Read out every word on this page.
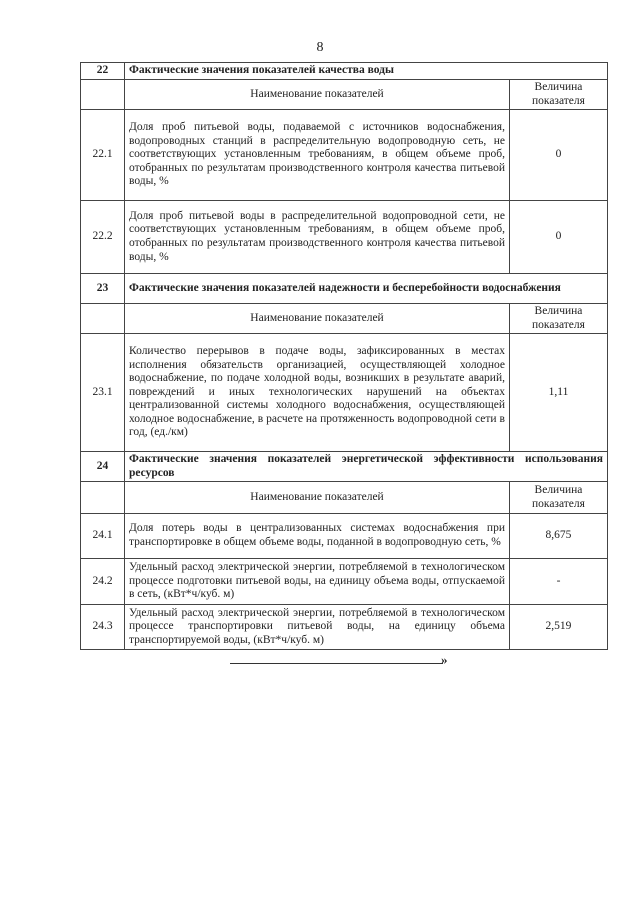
8
22	Фактические значения показателей качества воды	
	Наименование показателей	Величина показателя
22.1	Доля проб питьевой воды, подаваемой с источников водоснабжения, водопроводных станций в распределительную водопроводную сеть, не соответствующих установленным требованиям, в общем объеме проб, отобранных по результатам производственного контроля качества питьевой воды, %	0
22.2	Доля проб питьевой воды в распределительной водопроводной сети, не соответствующих установленным требованиям, в общем объеме проб, отобранных по результатам производственного контроля качества питьевой воды, %	0
23	Фактические значения показателей надежности и бесперебойности водоснабжения	
	Наименование показателей	Величина показателя
23.1	Количество перерывов в подаче воды, зафиксированных в местах исполнения обязательств организацией, осуществляющей холодное водоснабжение, по подаче холодной воды, возникших в результате аварий, повреждений и иных технологических нарушений на объектах централизованной системы холодного водоснабжения, осуществляющей холодное водоснабжение, в расчете на протяженность водопроводной сети в год, (ед./км)	1,11
24	Фактические значения показателей энергетической эффективности использования ресурсов	
	Наименование показателей	Величина показателя
24.1	Доля потерь воды в централизованных системах водоснабжения при транспортировке в общем объеме воды, поданной в водопроводную сеть, %	8,675
24.2	Удельный расход электрической энергии, потребляемой в технологическом процессе подготовки питьевой воды, на единицу объема воды, отпускаемой в сеть, (кВт*ч/куб. м)	-
24.3	Удельный расход электрической энергии, потребляемой в технологическом процессе транспортировки питьевой воды, на единицу объема транспортируемой воды, (кВт*ч/куб. м)	2,519
»
